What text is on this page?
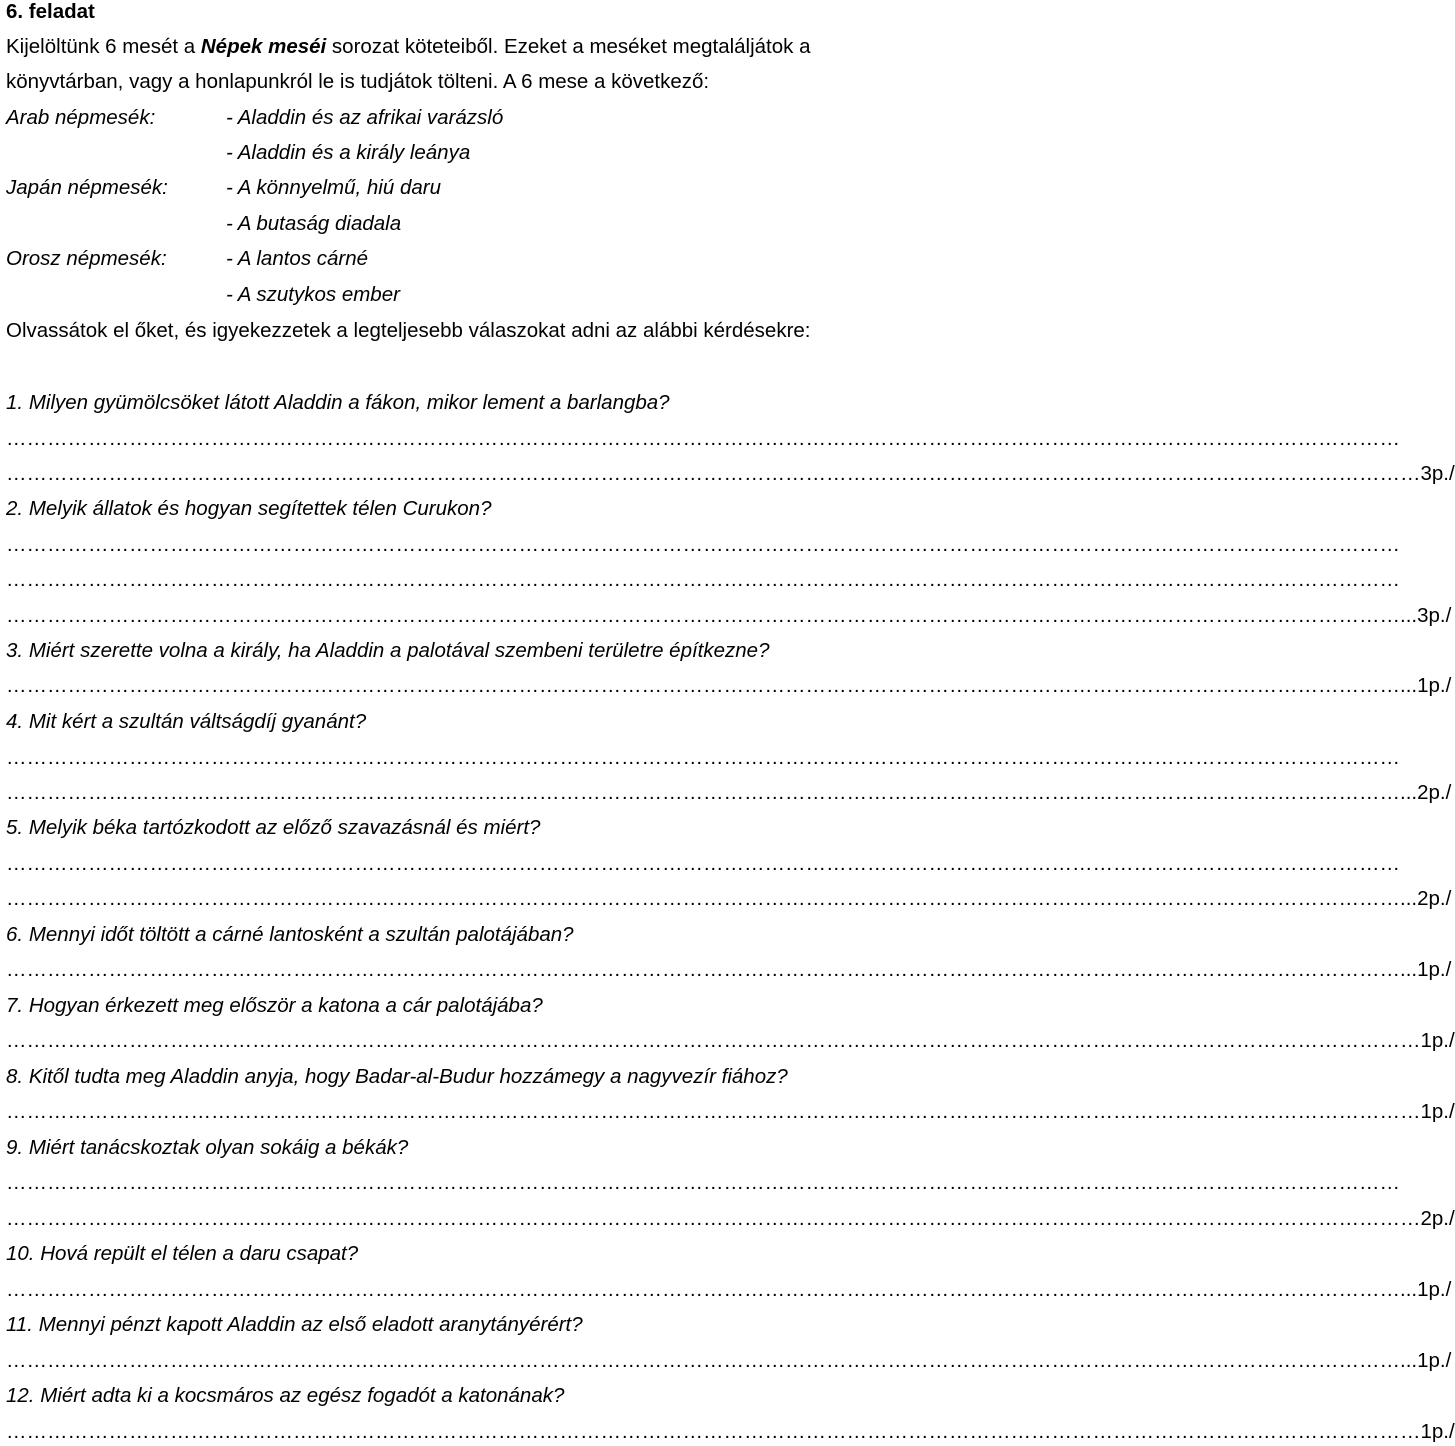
6. feladat
Kijelöltünk 6 mesét a Népek meséi sorozat köteteiből. Ezeket a meséket megtaláljátok a
könyvtárban, vagy a honlapunkról le is tudjátok tölteni. A 6 mese a következő:
Arab népmesék:	- Aladdin és az afrikai varázsló
- Aladdin és a király leánya
Japán népmesék:	- A könnyelmű, hiú daru
- A butaság diadala
Orosz népmesék:	- A lantos cárné
- A szutykos ember
Olvassátok el őket, és igyekezzetek a legteljesebb válaszokat adni az alábbi kérdésekre:
1. Milyen gyümölcsöket látott Aladdin a fákon, mikor lement a barlangba?
……………………………………………………………………………………………………………………………………………………………………………………
…………………………………………………………………………………………………………………………………………………………………………………… …3p./
2. Melyik állatok és hogyan segítettek télen Curukon?
……………………………………………………………………………………………………………………………………………………………………………………
……………………………………………………………………………………………………………………………………………………………………………………
…………………………………………………………………………………………………………………………………………………………………………………… ...3p./
3. Miért szerette volna a király, ha Aladdin a palotával szembeni területre építkezne?
…………………………………………………………………………………………………………………………………………………………………………………… ...1p./
4. Mit kért a szultán váltságdíj gyanánt?
……………………………………………………………………………………………………………………………………………………………………………………
…………………………………………………………………………………………………………………………………………………………………………………… ...2p./
5. Melyik béka tartózkodott az előző szavazásnál és miért?
……………………………………………………………………………………………………………………………………………………………………………………
…………………………………………………………………………………………………………………………………………………………………………………… ...2p./
6. Mennyi időt töltött a cárné lantosként a szultán palotájában?
…………………………………………………………………………………………………………………………………………………………………………………… ...1p./
7. Hogyan érkezett meg először a katona a cár palotájába?
…………………………………………………………………………………………………………………………………………………………………………………… …1p./
8. Kitől tudta meg Aladdin anyja, hogy Badar-al-Budur hozzámegy a nagyvezír fiához?
…………………………………………………………………………………………………………………………………………………………………………………… …1p./
9. Miért tanácskoztak olyan sokáig a békák?
……………………………………………………………………………………………………………………………………………………………………………………
…………………………………………………………………………………………………………………………………………………………………………………… …2p./
10. Hová repült el télen a daru csapat?
…………………………………………………………………………………………………………………………………………………………………………………… ...1p./
11. Mennyi pénzt kapott Aladdin az első eladott aranytányérért?
…………………………………………………………………………………………………………………………………………………………………………………… ...1p./
12. Miért adta ki a kocsmáros az egész fogadót a katonának?
…………………………………………………………………………………………………………………………………………………………………………………… …1p./
